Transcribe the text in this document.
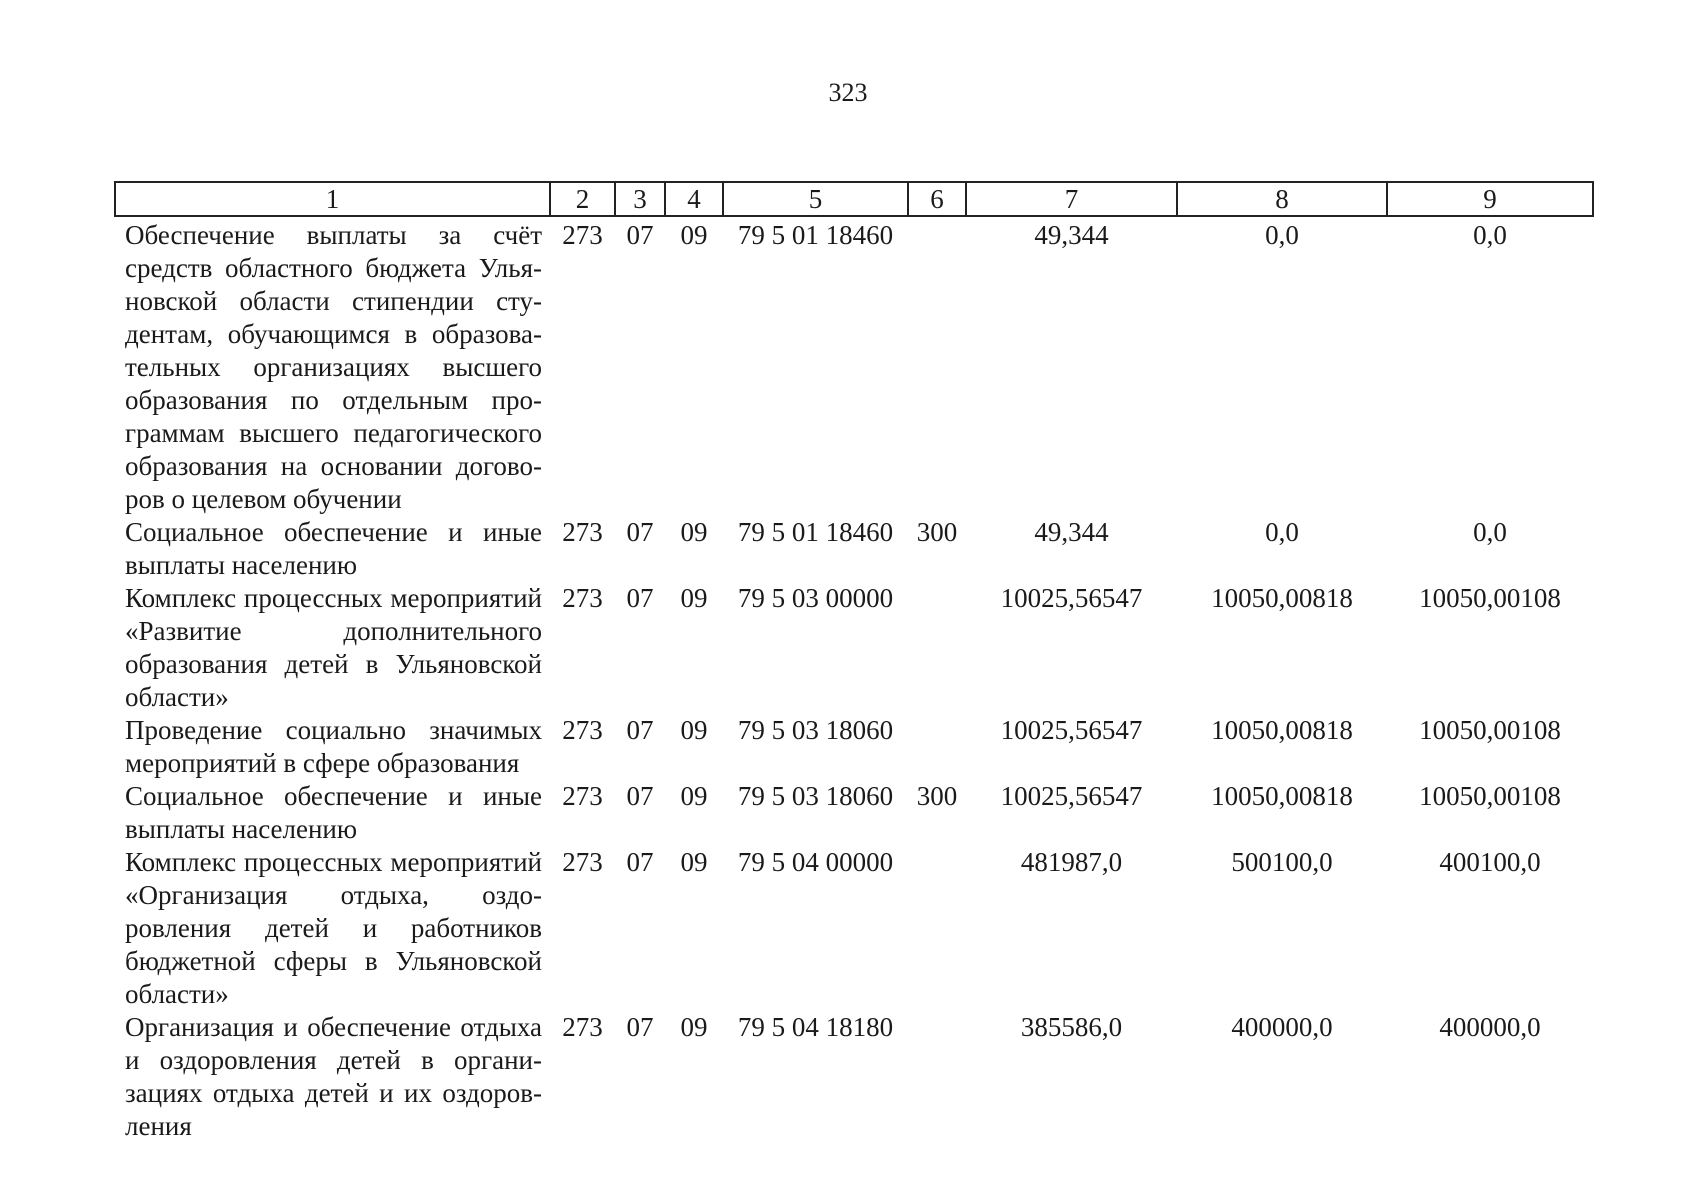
323
1	2	3	4	5	6	7	8	9
Обеспечение выплаты за счёт средств областного бюджета Ульяновской области стипендии студентам, обучающимся в образовательных организациях высшего образования по отдельным программам высшего педагогического образования на основании договоров о целевом обучении	273	07	09	79 5 01 18460		49,344	0,0	0,0
Социальное обеспечение и иные выплаты населению	273	07	09	79 5 01 18460	300	49,344	0,0	0,0
Комплекс процессных мероприятий «Развитие дополнительного образования детей в Ульяновской области»	273	07	09	79 5 03 00000		10025,56547	10050,00818	10050,00108
Проведение социально значимых мероприятий в сфере образования	273	07	09	79 5 03 18060		10025,56547	10050,00818	10050,00108
Социальное обеспечение и иные выплаты населению	273	07	09	79 5 03 18060	300	10025,56547	10050,00818	10050,00108
Комплекс процессных мероприятий «Организация отдыха, оздоровления детей и работников бюджетной сферы в Ульяновской области»	273	07	09	79 5 04 00000		481987,0	500100,0	400100,0
Организация и обеспечение отдыха и оздоровления детей в организациях отдыха детей и их оздоровления	273	07	09	79 5 04 18180		385586,0	400000,0	400000,0
